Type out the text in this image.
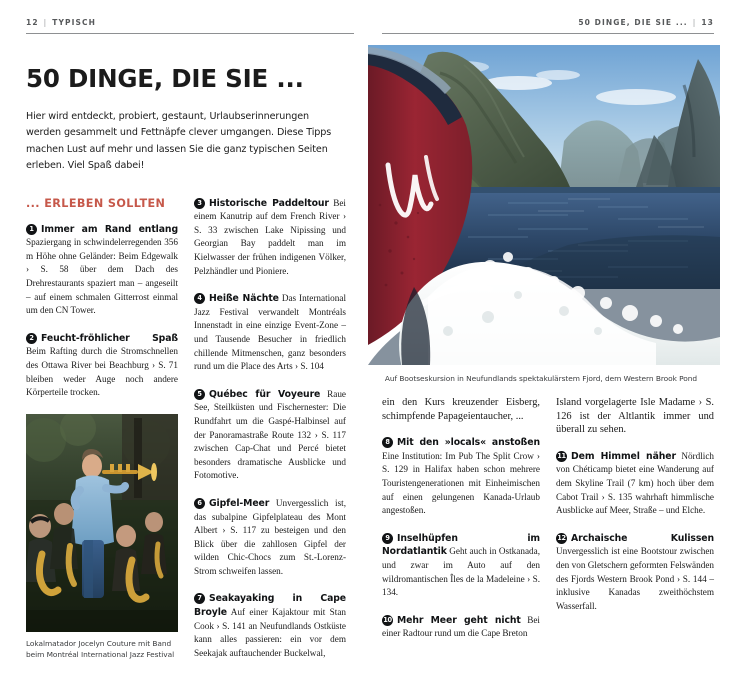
12 | TYPISCH
50 DINGE, DIE SIE ...
Hier wird entdeckt, probiert, gestaunt, Urlaubserinnerungen werden gesammelt und Fettnäpfe clever umgangen. Diese Tipps machen Lust auf mehr und lassen Sie die ganz typischen Seiten erleben. Viel Spaß dabei!
... ERLEBEN SOLLTEN

1 Immer am Rand entlang Spaziergang in schwindelerregenden 356 m Höhe ohne Geländer: Beim Edgewalk › S. 58 über dem Dach des Drehrestaurants spaziert man – angeseilt – auf einem schmalen Gitterrost einmal um den CN Tower.

2 Feucht-fröhlicher Spaß Beim Rafting durch die Stromschnellen des Ottawa River bei Beachburg › S. 71 bleiben weder Auge noch andere Körperteile trocken.

Lokalmatador Jocelyn Couture mit Band beim Montréal International Jazz Festival

3 Historische Paddeltour Bei einem Kanutrip auf dem French River › S. 33 zwischen Lake Nipissing und Georgian Bay paddelt man im Kielwasser der frühen indigenen Völker, Pelzhändler und Pioniere.

4 Heiße Nächte Das International Jazz Festival verwandelt Montréals Innenstadt in eine einzige Event-Zone – und Tausende Besucher in friedlich chillende Mitmenschen, ganz besonders rund um die Place des Arts › S. 104

5 Québec für Voyeure Raue See, Steilküsten und Fischernester: Die Rundfahrt um die Gaspé-Halbinsel auf der Panoramastraße Route 132 › S. 117 zwischen Cap-Chat und Percé bietet besonders dramatische Ausblicke und Fotomotive.

6 Gipfel-Meer Unvergesslich ist, das subalpine Gipfelplateau des Mont Albert › S. 117 zu besteigen und den Blick über die zahllosen Gipfel der wilden Chic-Chocs zum St.-Lorenz-Strom schweifen lassen.

7 Seakayaking in Cape Broyle Auf einer Kajaktour mit Stan Cook › S. 141 an Neufundlands Ostküste kann alles passieren: ein vor dem Seekajak auftauchender Buckelwal,

50 DINGE, DIE SIE ... | 13
Auf Bootseskursion in Neufundlands spektakulärstem Fjord, dem Western Brook Pond

ein den Kurs kreuzender Eisberg, schimpfende Papageientaucher, ...

8 Mit den »locals« anstoßen Eine Institution: Im Pub The Split Crow › S. 129 in Halifax haben schon mehrere Touristengenerationen mit Einheimischen auf einen gelungenen Kanada-Urlaub angestoßen.

9 Inselhüpfen im Nordatlantik Geht auch in Ostkanada, und zwar im Auto auf den wildromantischen Îles de la Madeleine › S. 134.

10 Mehr Meer geht nicht Bei einer Radtour rund um die Cape Breton

Island vorgelagerte Isle Madame › S. 126 ist der Altlantik immer und überall zu sehen.

11 Dem Himmel näher Nördlich von Chéticamp bietet eine Wanderung auf dem Skyline Trail (7 km) hoch über dem Cabot Trail › S. 135 wahrhaft himmlische Ausblicke auf Meer, Straße – und Elche.

12 Archaische Kulissen Unvergesslich ist eine Bootstour zwischen den von Gletschern geformten Felswänden des Fjords Western Brook Pond › S. 144 – inklusive Kanadas zweithöchstem Wasserfall.
